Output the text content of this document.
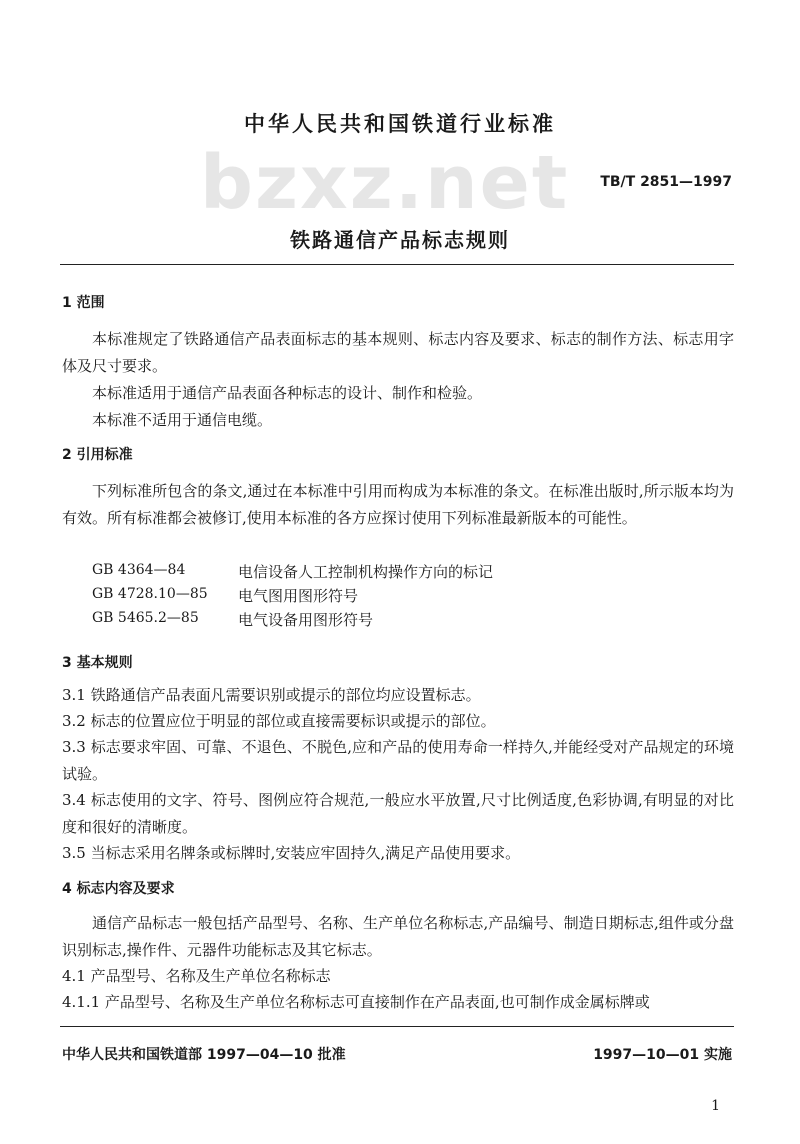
中华人民共和国铁道行业标准
bzxz.net TB/T 2851—1997
铁路通信产品标志规则
1 范围
本标准规定了铁路通信产品表面标志的基本规则、标志内容及要求、标志的制作方法、标志用字体及尺寸要求。
本标准适用于通信产品表面各种标志的设计、制作和检验。
本标准不适用于通信电缆。
2 引用标准
下列标准所包含的条文,通过在本标准中引用而构成为本标准的条文。在标准出版时,所示版本均为有效。所有标准都会被修订,使用本标准的各方应探讨使用下列标准最新版本的可能性。
GB 4364—84	电信设备人工控制机构操作方向的标记
GB 4728.10—85 电气图用图形符号
GB 5465.2—85	电气设备用图形符号
3 基本规则
3.1 铁路通信产品表面凡需要识别或提示的部位均应设置标志。
3.2 标志的位置应位于明显的部位或直接需要标识或提示的部位。
3.3 标志要求牢固、可靠、不退色、不脱色,应和产品的使用寿命一样持久,并能经受对产品规定的环境试验。
3.4 标志使用的文字、符号、图例应符合规范,一般应水平放置,尺寸比例适度,色彩协调,有明显的对比度和很好的清晰度。
3.5 当标志采用名牌条或标牌时,安装应牢固持久,满足产品使用要求。
4 标志内容及要求
通信产品标志一般包括产品型号、名称、生产单位名称标志,产品编号、制造日期标志,组件或分盘识别标志,操作件、元器件功能标志及其它标志。
4.1 产品型号、名称及生产单位名称标志
4.1.1 产品型号、名称及生产单位名称标志可直接制作在产品表面,也可制作成金属标牌或
中华人民共和国铁道部 1997—04—10 批准	1997—10—01 实施
1
